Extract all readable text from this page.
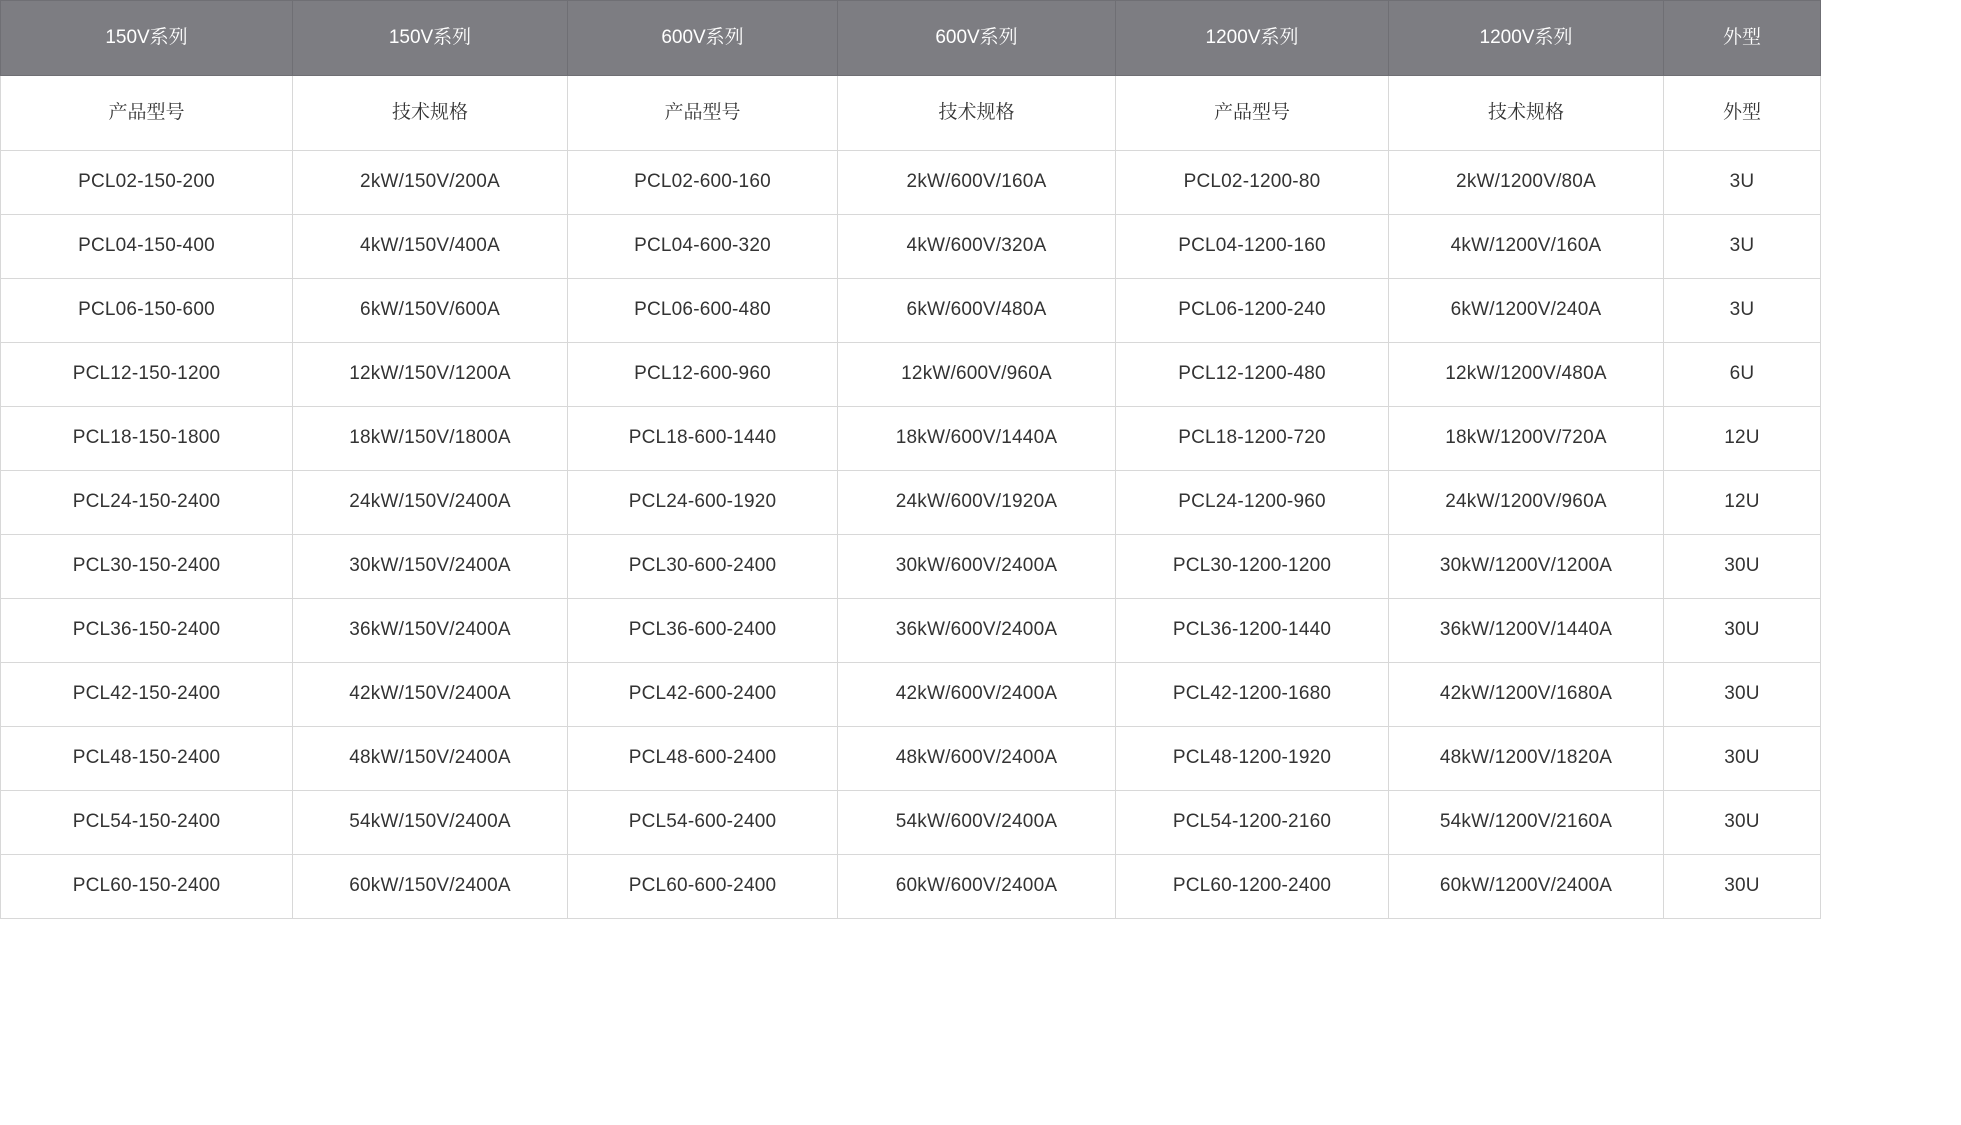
150V系列	150V系列	600V系列	600V系列	1200V系列	1200V系列	外型
产品型号	技术规格	产品型号	技术规格	产品型号	技术规格	外型
PCL02-150-200	2kW/150V/200A	PCL02-600-160	2kW/600V/160A	PCL02-1200-80	2kW/1200V/80A	3U
PCL04-150-400	4kW/150V/400A	PCL04-600-320	4kW/600V/320A	PCL04-1200-160	4kW/1200V/160A	3U
PCL06-150-600	6kW/150V/600A	PCL06-600-480	6kW/600V/480A	PCL06-1200-240	6kW/1200V/240A	3U
PCL12-150-1200	12kW/150V/1200A	PCL12-600-960	12kW/600V/960A	PCL12-1200-480	12kW/1200V/480A	6U
PCL18-150-1800	18kW/150V/1800A	PCL18-600-1440	18kW/600V/1440A	PCL18-1200-720	18kW/1200V/720A	12U
PCL24-150-2400	24kW/150V/2400A	PCL24-600-1920	24kW/600V/1920A	PCL24-1200-960	24kW/1200V/960A	12U
PCL30-150-2400	30kW/150V/2400A	PCL30-600-2400	30kW/600V/2400A	PCL30-1200-1200	30kW/1200V/1200A	30U
PCL36-150-2400	36kW/150V/2400A	PCL36-600-2400	36kW/600V/2400A	PCL36-1200-1440	36kW/1200V/1440A	30U
PCL42-150-2400	42kW/150V/2400A	PCL42-600-2400	42kW/600V/2400A	PCL42-1200-1680	42kW/1200V/1680A	30U
PCL48-150-2400	48kW/150V/2400A	PCL48-600-2400	48kW/600V/2400A	PCL48-1200-1920	48kW/1200V/1820A	30U
PCL54-150-2400	54kW/150V/2400A	PCL54-600-2400	54kW/600V/2400A	PCL54-1200-2160	54kW/1200V/2160A	30U
PCL60-150-2400	60kW/150V/2400A	PCL60-600-2400	60kW/600V/2400A	PCL60-1200-2400	60kW/1200V/2400A	30U
